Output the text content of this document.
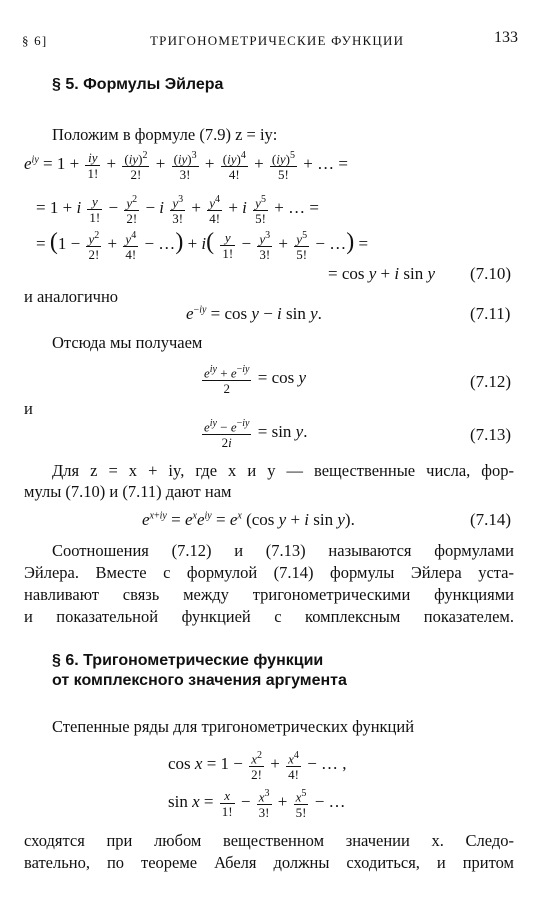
§ 6]	ТРИГОНОМЕТРИЧЕСКИЕ ФУНКЦИИ	133
§ 5. Формулы Эйлера
Положим в формуле (7.9) z = iy:
$e^{iy} = 1 + \frac{iy}{1!} + \frac{(iy)^2}{2!} + \frac{(iy)^3}{3!} + \frac{(iy)^4}{4!} + \frac{(iy)^5}{5!}$ + … =
= 1 + i $\frac{y}{1!} - \frac{y^2}{2!} - i \frac{y^3}{3!} + \frac{y^4}{4!} + i \frac{y^5}{5!}$ + … =
= ($1 - \frac{y^2}{2!} + \frac{y^4}{4!}$ − …) + $i( \frac{y}{1!} - \frac{y^3}{3!} + \frac{y^5}{5!}$ − …) =
= cos y + i sin y (7.10)
и аналогично
$e^{-iy} = \cos y - i$ sin y.	(7.11)
Отсюда мы получаем
$\frac{e^{iy} + e^{-iy}}{2} = \cos y$	(7.12)
и
$\frac{e^{iy} - e^{-iy}}{2i} = \sin y$.	(7.13)
Для z = x + iy, где x и y — вещественные числа, фор-
мулы (7.10) и (7.11) дают нам
$e^{x+iy} = e^xe^{iy} = e^x$ (cos y + i sin y).	(7.14)
Соотношения (7.12) и (7.13) называются формулами
Эйлера. Вместе с формулой (7.14) формулы Эйлера уста-
навливают связь между тригонометрическими функциями
и показательной функцией с комплексным показателем.
§ 6. Тригонометрические функции
от комплексного значения аргумента
Степенные ряды для тригонометрических функций
$\cos x = 1 - \frac{x^2}{2!} + \frac{x^4}{4!}$ − … ,
$\sin x = \frac{x}{1!} - \frac{x^3}{3!} + \frac{x^5}{5!}$ − …
сходятся при любом вещественном значении x. Следо-
вательно, по теореме Абеля должны сходиться, и притом
